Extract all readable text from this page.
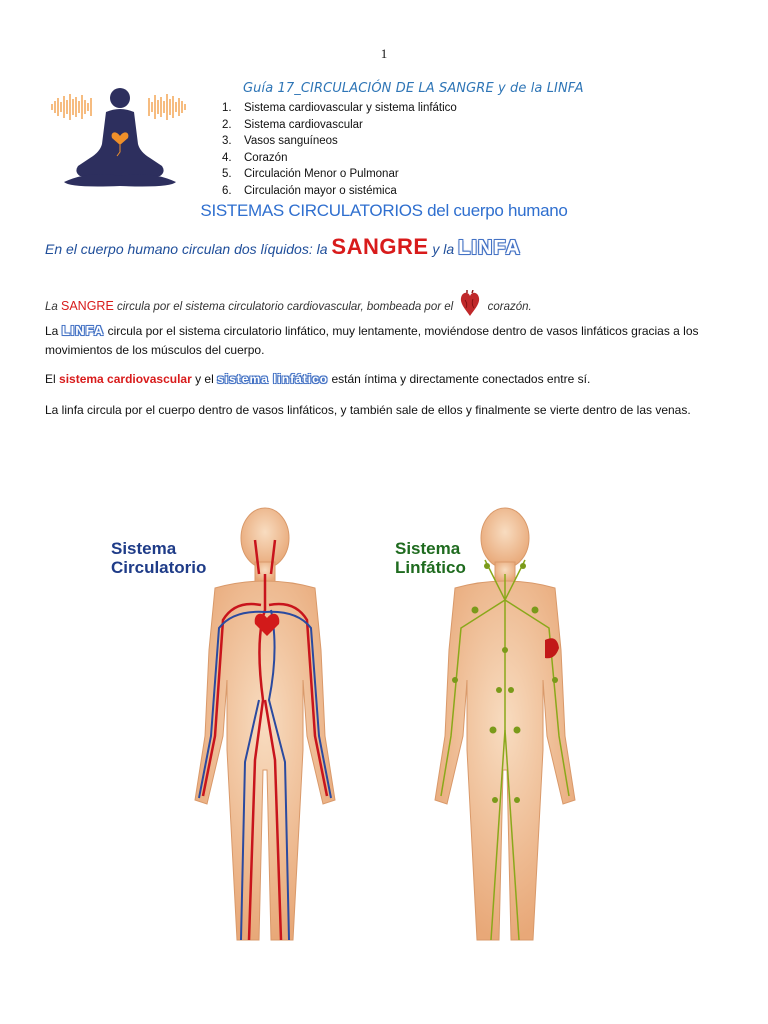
1
Guía 17_CIRCULACIÓN DE LA SANGRE y de la LINFA
1. Sistema cardiovascular y sistema linfático
2. Sistema cardiovascular
3. Vasos sanguíneos
4. Corazón
5. Circulación Menor o Pulmonar
6. Circulación mayor o sistémica
SISTEMAS CIRCULATORIOS del cuerpo humano
En el cuerpo humano circulan dos líquidos: la SANGRE y la LINFA
La SANGRE circula por el sistema circulatorio cardiovascular, bombeada por el  corazón.
La LINFA circula por el sistema circulatorio linfático, muy lentamente, moviéndose dentro de vasos linfáticos gracias a los movimientos de los músculos del cuerpo.
El sistema cardiovascular y el sistema linfático están íntima y directamente conectados entre sí.
La linfa circula por el cuerpo dentro de vasos linfáticos, y también sale de ellos y finalmente se vierte dentro de las venas.
Sistema
Circulatorio
Sistema
Linfático
